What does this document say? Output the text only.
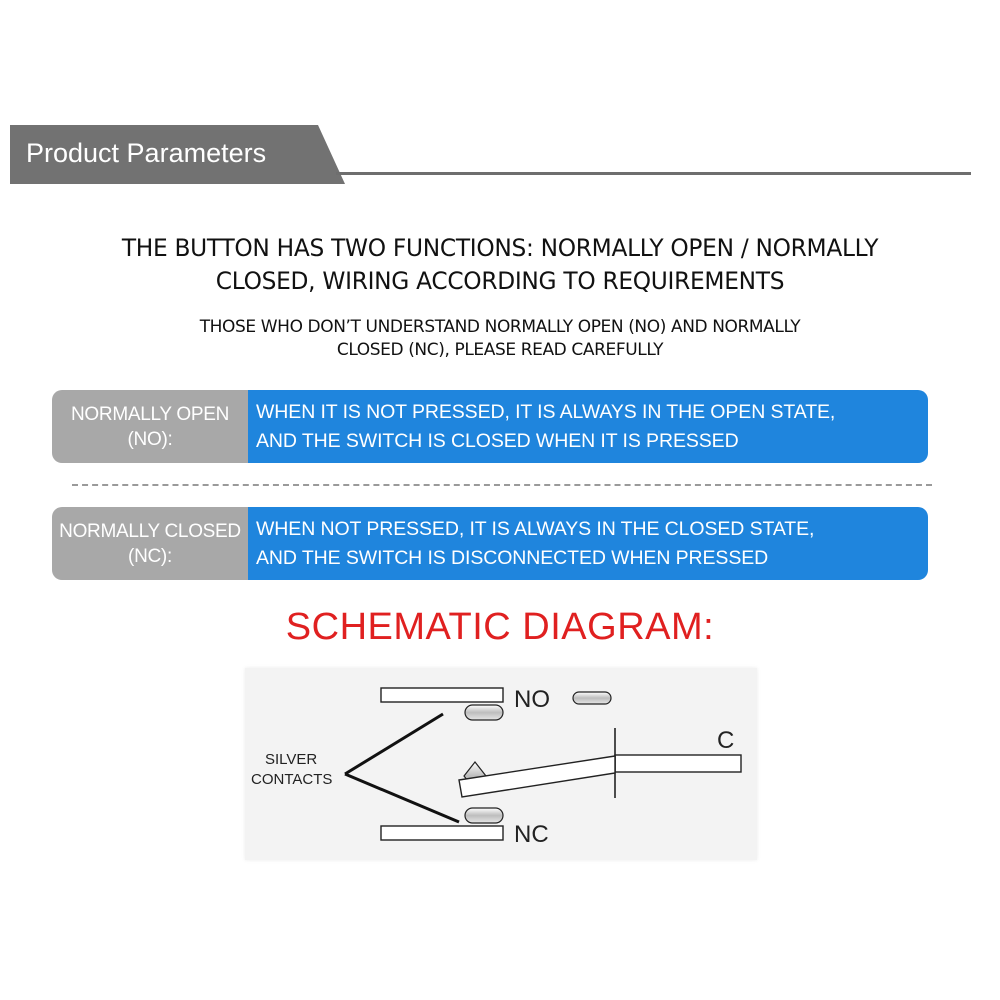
Product Parameters
THE BUTTON HAS TWO FUNCTIONS: NORMALLY OPEN / NORMALLY
CLOSED, WIRING ACCORDING TO REQUIREMENTS
THOSE WHO DON’T UNDERSTAND NORMALLY OPEN (NO) AND NORMALLY
CLOSED (NC), PLEASE READ CAREFULLY
NORMALLY OPEN
(NO):
WHEN IT IS NOT PRESSED, IT IS ALWAYS IN THE OPEN STATE,
AND THE SWITCH IS CLOSED WHEN IT IS PRESSED
NORMALLY CLOSED
(NC):
WHEN NOT PRESSED, IT IS ALWAYS IN THE CLOSED STATE,
AND THE SWITCH IS DISCONNECTED WHEN PRESSED
SCHEMATIC DIAGRAM:
NO
NC
SILVER
CONTACTS
C
